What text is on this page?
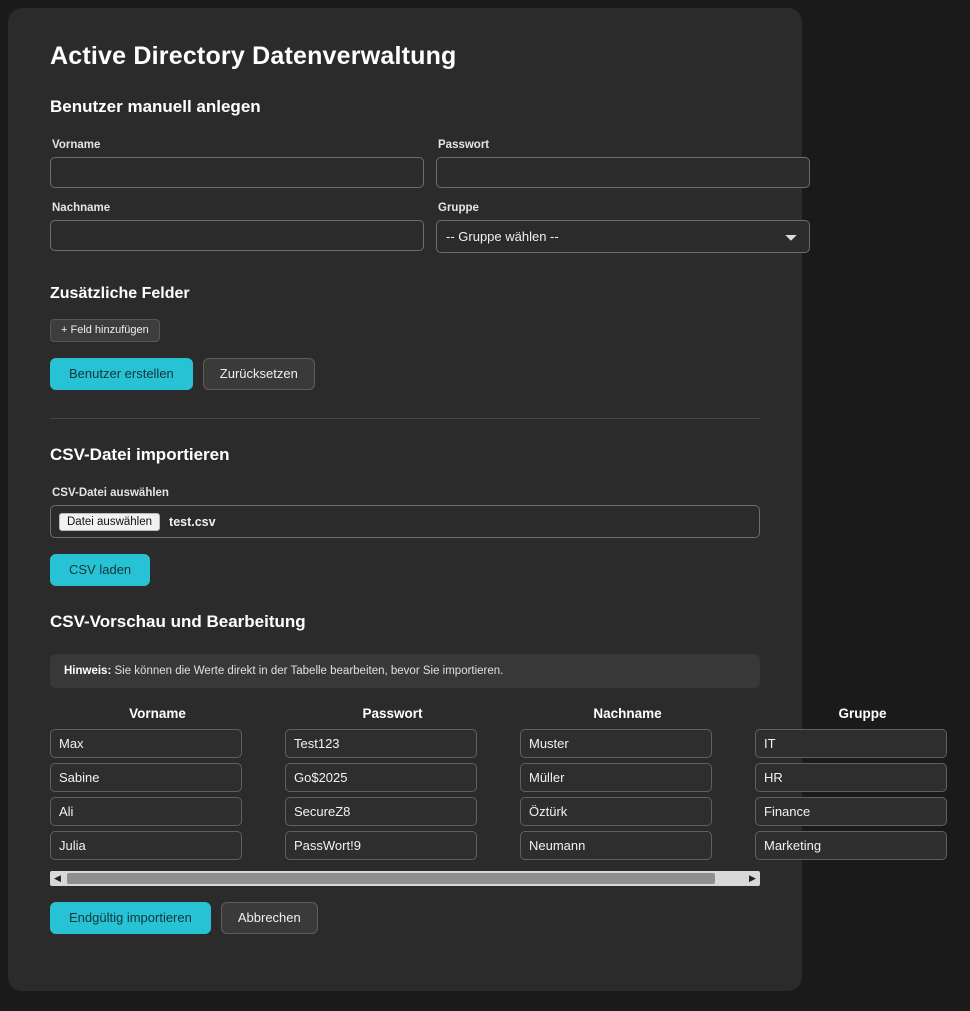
Active Directory Datenverwaltung
Benutzer manuell anlegen
Vorname	Passwort
Nachname	Gruppe
-- Gruppe wählen --
Zusätzliche Felder
+ Feld hinzufügen
Benutzer erstellen	Zurücksetzen
CSV-Datei importieren
CSV-Datei auswählen
Datei auswählen	test.csv
CSV laden
CSV-Vorschau und Bearbeitung
Hinweis: Sie können die Werte direkt in der Tabelle bearbeiten, bevor Sie importieren.
Vorname		Passwort		Nachname		Gruppe
Max		Test123		Muster		IT
Sabine		Go$2025		Müller		HR
Ali		SecureZ8		Öztürk		Finance
Julia		PassWort!9		Neumann		Marketing
◀	▶
Endgültig importieren	Abbrechen
